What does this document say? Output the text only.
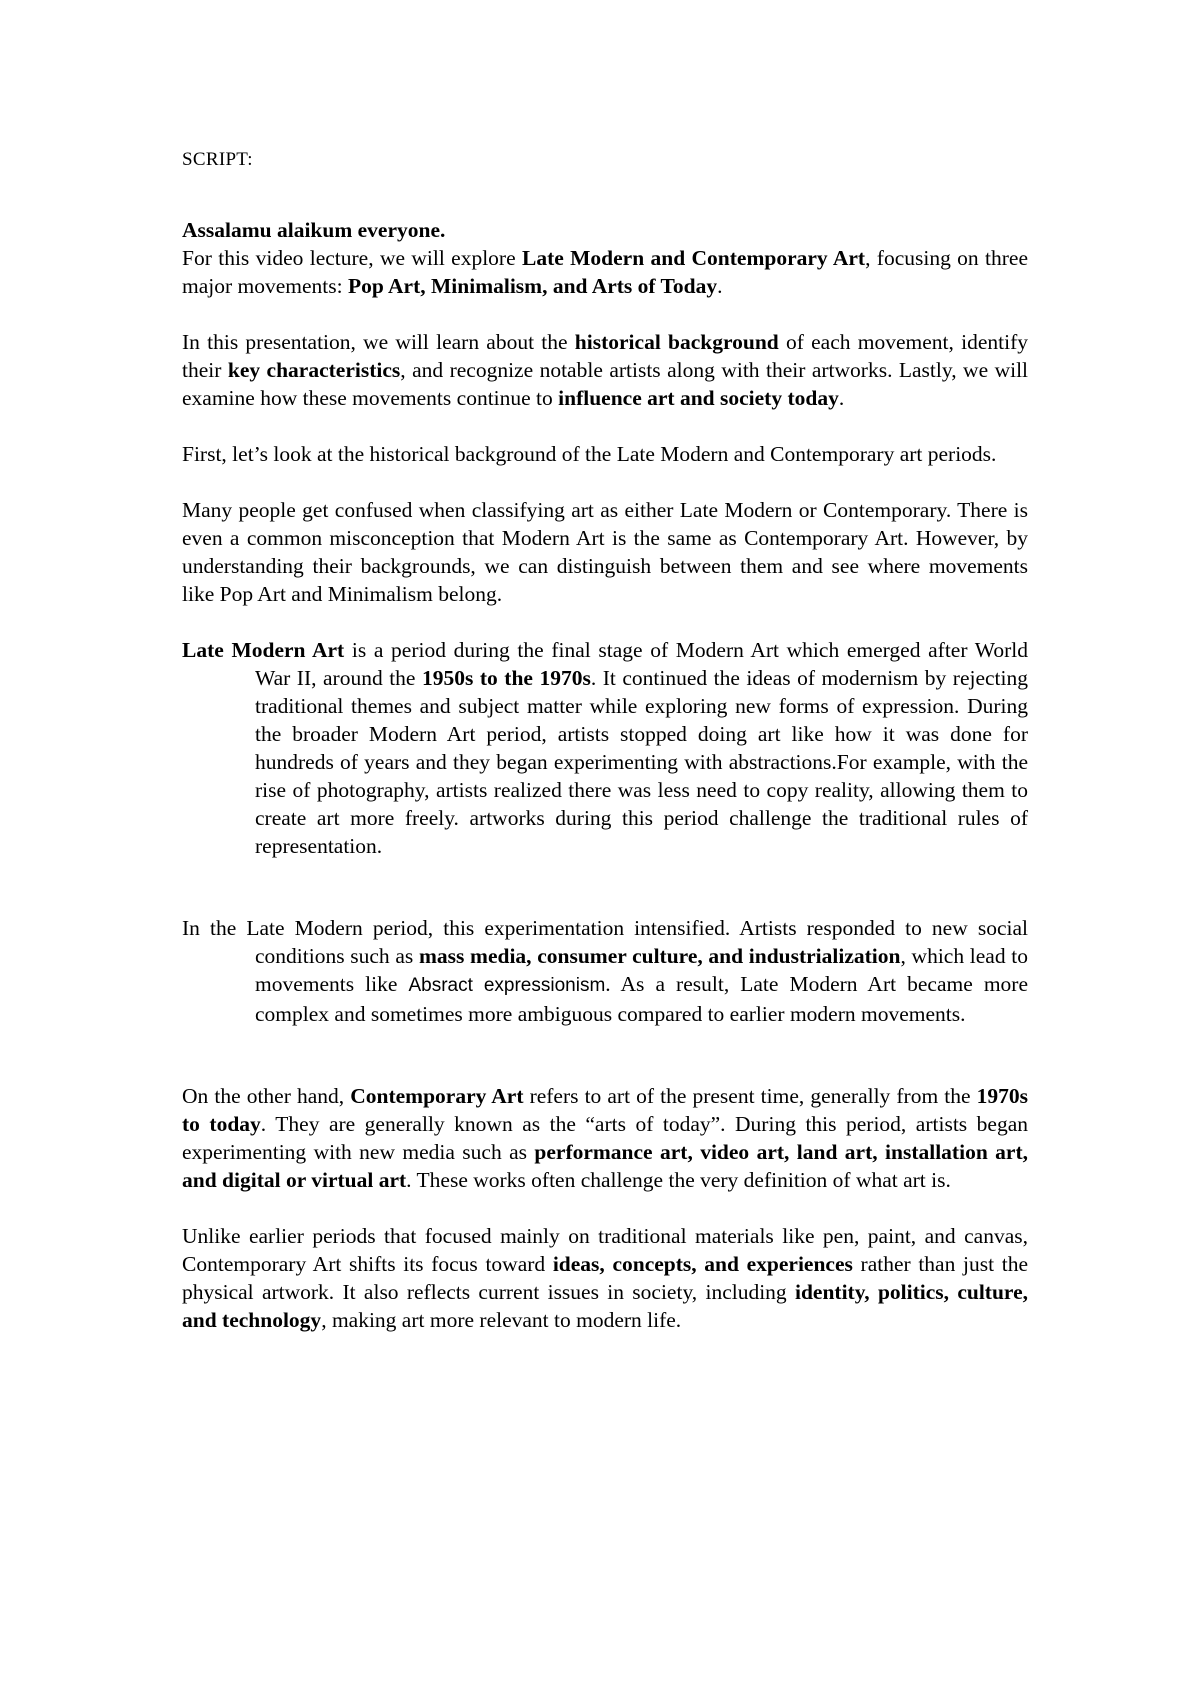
SCRIPT:

Assalamu alaikum everyone.

For this video lecture, we will explore Late Modern and Contemporary Art, focusing on three major movements: Pop Art, Minimalism, and Arts of Today.

In this presentation, we will learn about the historical background of each movement, identify their key characteristics, and recognize notable artists along with their artworks. Lastly, we will examine how these movements continue to influence art and society today.

First, let’s look at the historical background of the Late Modern and Contemporary art periods.

Many people get confused when classifying art as either Late Modern or Contemporary. There is even a common misconception that Modern Art is the same as Contemporary Art. However, by understanding their backgrounds, we can distinguish between them and see where movements like Pop Art and Minimalism belong.

Late Modern Art is a period during the final stage of Modern Art which emerged after World War II, around the 1950s to the 1970s. It continued the ideas of modernism by rejecting traditional themes and subject matter while exploring new forms of expression. During the broader Modern Art period, artists stopped doing art like how it was done for hundreds of years and they began experimenting with abstractions.For example, with the rise of photography, artists realized there was less need to copy reality, allowing them to create art more freely. artworks during this period challenge the traditional rules of representation.

In the Late Modern period, this experimentation intensified. Artists responded to new social conditions such as mass media, consumer culture, and industrialization, which lead to movements like Absract expressionism. As a result, Late Modern Art became more complex and sometimes more ambiguous compared to earlier modern movements.

On the other hand, Contemporary Art refers to art of the present time, generally from the 1970s to today. They are generally known as the “arts of today”. During this period, artists began experimenting with new media such as performance art, video art, land art, installation art, and digital or virtual art. These works often challenge the very definition of what art is.

Unlike earlier periods that focused mainly on traditional materials like pen, paint, and canvas, Contemporary Art shifts its focus toward ideas, concepts, and experiences rather than just the physical artwork. It also reflects current issues in society, including identity, politics, culture, and technology, making art more relevant to modern life.
